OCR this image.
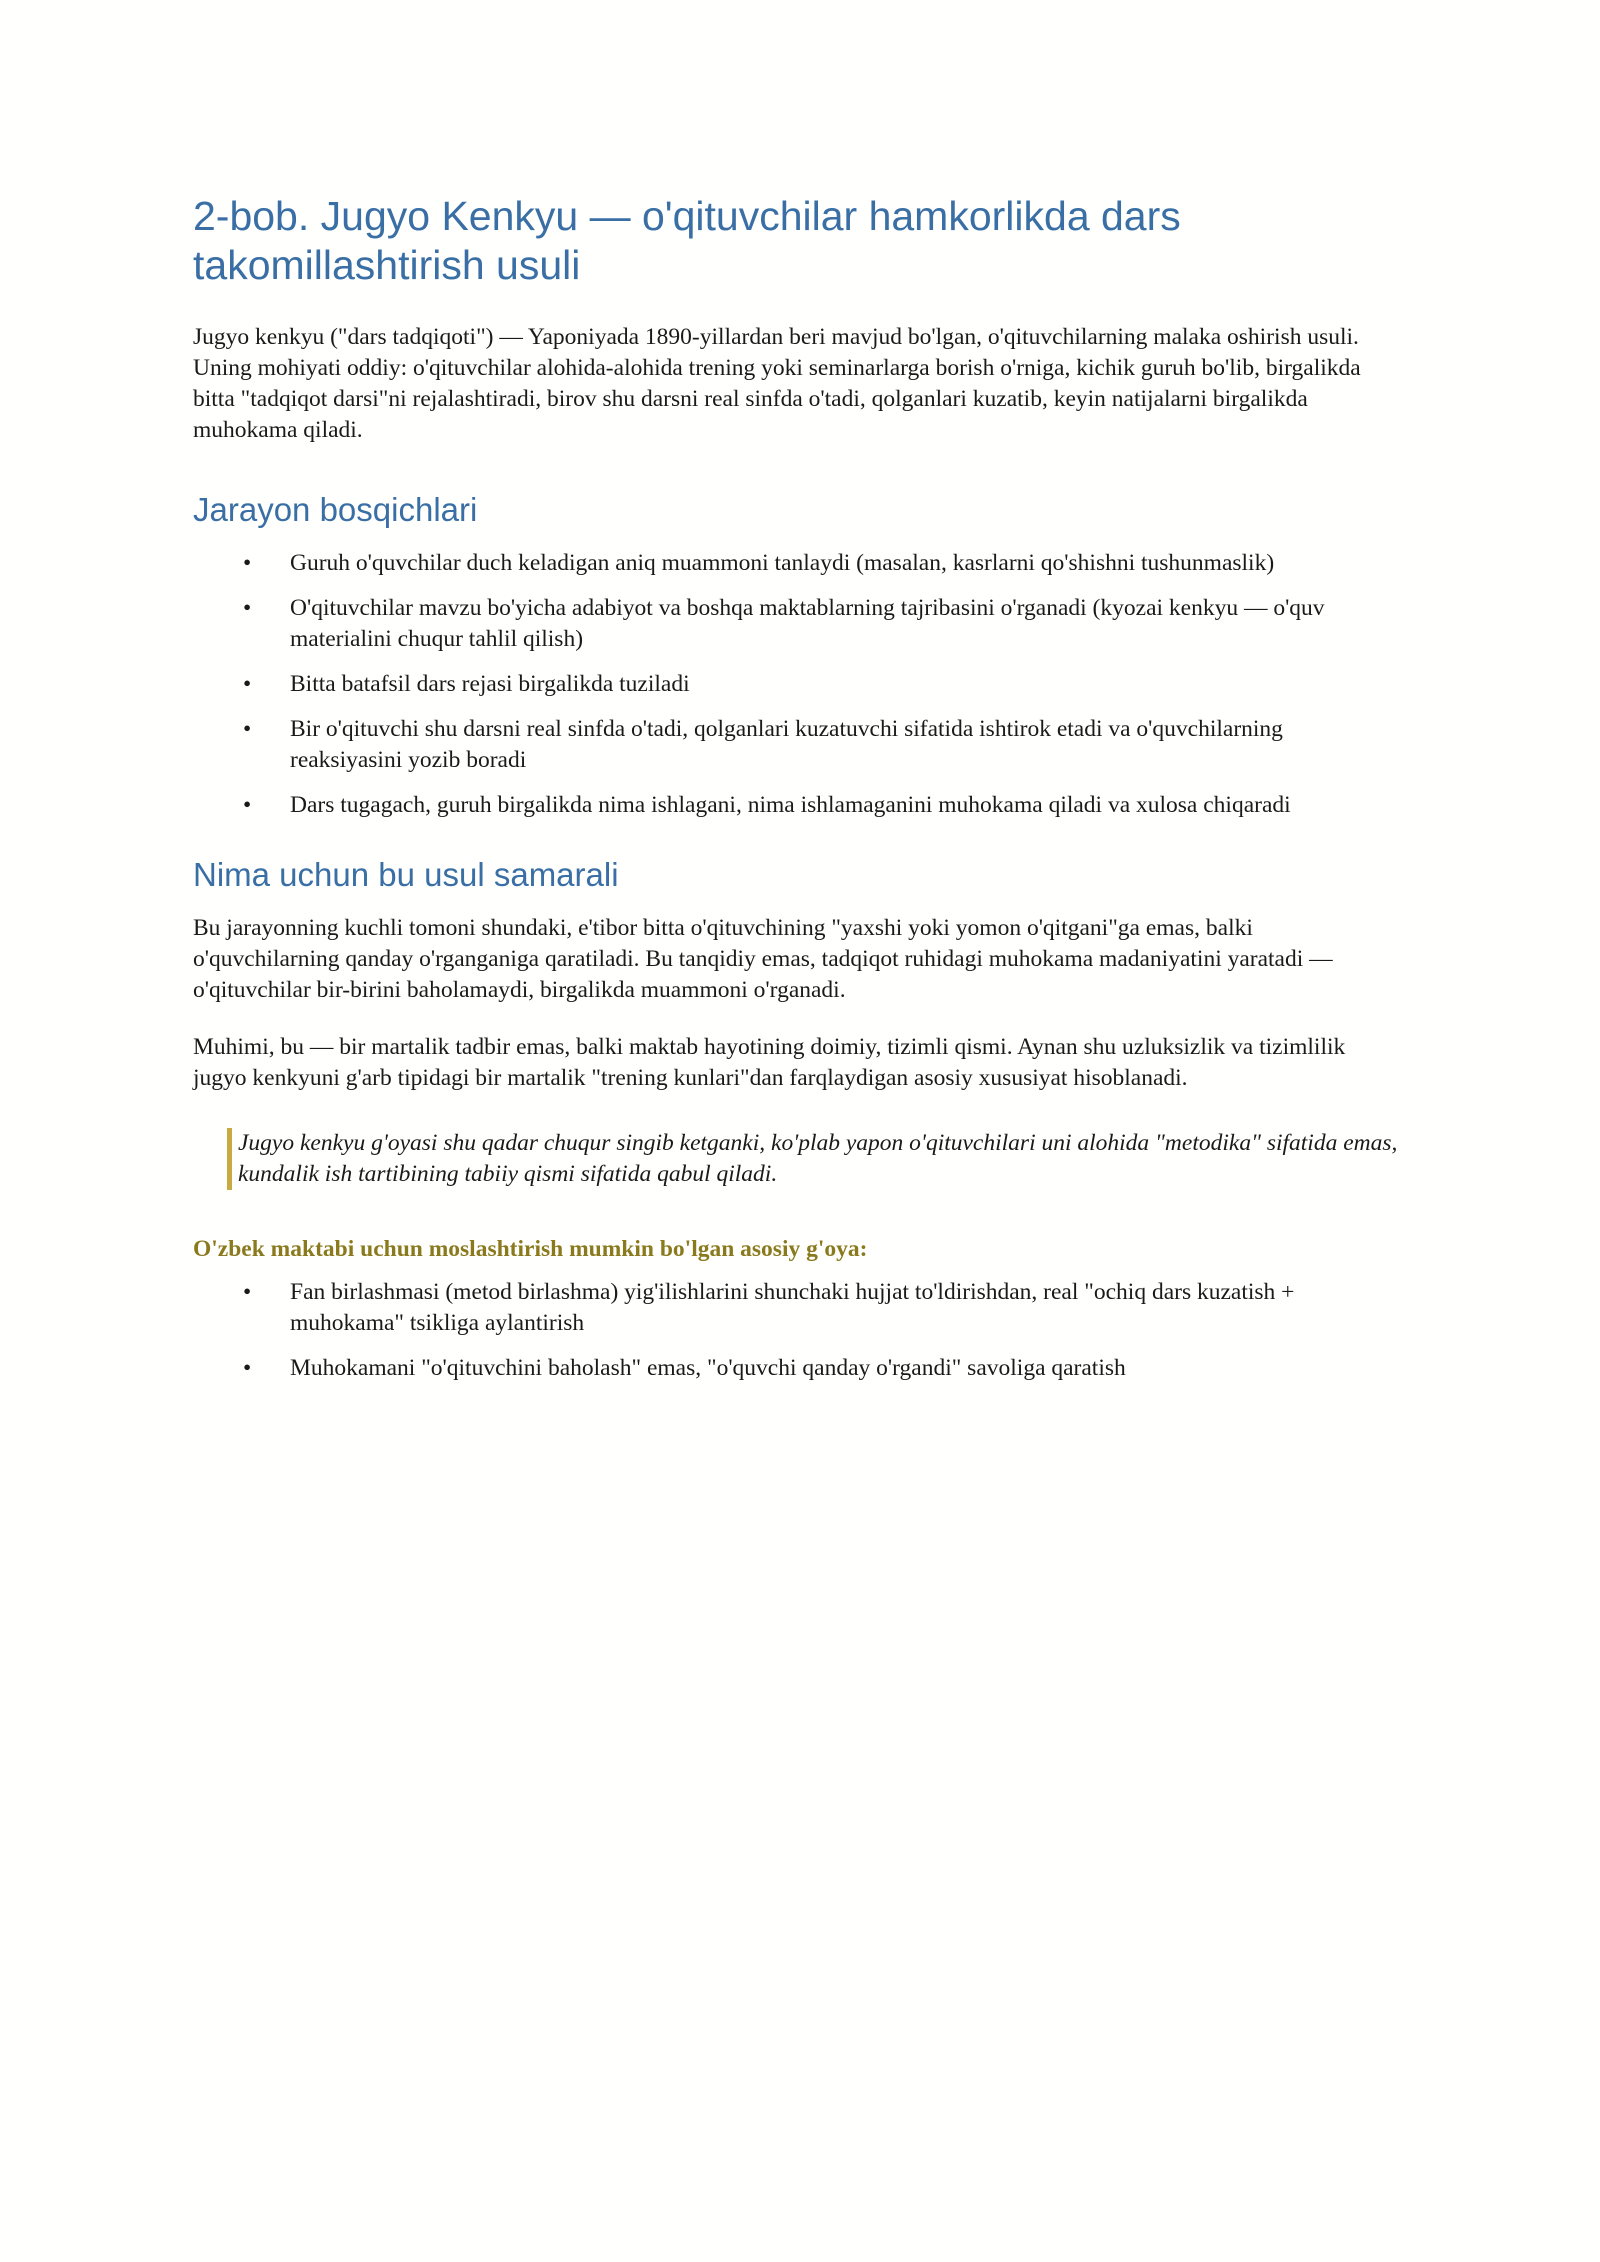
2-bob. Jugyo Kenkyu — o'qituvchilar hamkorlikda dars takomillashtirish usuli

Jugyo kenkyu ("dars tadqiqoti") — Yaponiyada 1890-yillardan beri mavjud bo'lgan, o'qituvchilarning malaka oshirish usuli. Uning mohiyati oddiy: o'qituvchilar alohida-alohida trening yoki seminarlarga borish o'rniga, kichik guruh bo'lib, birgalikda bitta "tadqiqot darsi"ni rejalashtiradi, birov shu darsni real sinfda o'tadi, qolganlari kuzatib, keyin natijalarni birgalikda muhokama qiladi.

Jarayon bosqichlari
• Guruh o'quvchilar duch keladigan aniq muammoni tanlaydi (masalan, kasrlarni qo'shishni tushunmaslik)
• O'qituvchilar mavzu bo'yicha adabiyot va boshqa maktablarning tajribasini o'rganadi (kyozai kenkyu — o'quv materialini chuqur tahlil qilish)
• Bitta batafsil dars rejasi birgalikda tuziladi
• Bir o'qituvchi shu darsni real sinfda o'tadi, qolganlari kuzatuvchi sifatida ishtirok etadi va o'quvchilarning reaksiyasini yozib boradi
• Dars tugagach, guruh birgalikda nima ishlagani, nima ishlamaganini muhokama qiladi va xulosa chiqaradi
Nima uchun bu usul samarali

Bu jarayonning kuchli tomoni shundaki, e'tibor bitta o'qituvchining "yaxshi yoki yomon o'qitgani"ga emas, balki o'quvchilarning qanday o'rganganiga qaratiladi. Bu tanqidiy emas, tadqiqot ruhidagi muhokama madaniyatini yaratadi — o'qituvchilar bir-birini baholamaydi, birgalikda muammoni o'rganadi.

Muhimi, bu — bir martalik tadbir emas, balki maktab hayotining doimiy, tizimli qismi. Aynan shu uzluksizlik va tizimlilik jugyo kenkyuni g'arb tipidagi bir martalik "trening kunlari"dan farqlaydigan asosiy xususiyat hisoblanadi.

Jugyo kenkyu g'oyasi shu qadar chuqur singib ketganki, ko'plab yapon o'qituvchilari uni alohida "metodika" sifatida emas, kundalik ish tartibining tabiiy qismi sifatida qabul qiladi.
O'zbek maktabi uchun moslashtirish mumkin bo'lgan asosiy g'oya:
• Fan birlashmasi (metod birlashma) yig'ilishlarini shunchaki hujjat to'ldirishdan, real "ochiq dars kuzatish + muhokama" tsikliga aylantirish
• Muhokamani "o'qituvchini baholash" emas, "o'quvchi qanday o'rgandi" savoliga qaratish
